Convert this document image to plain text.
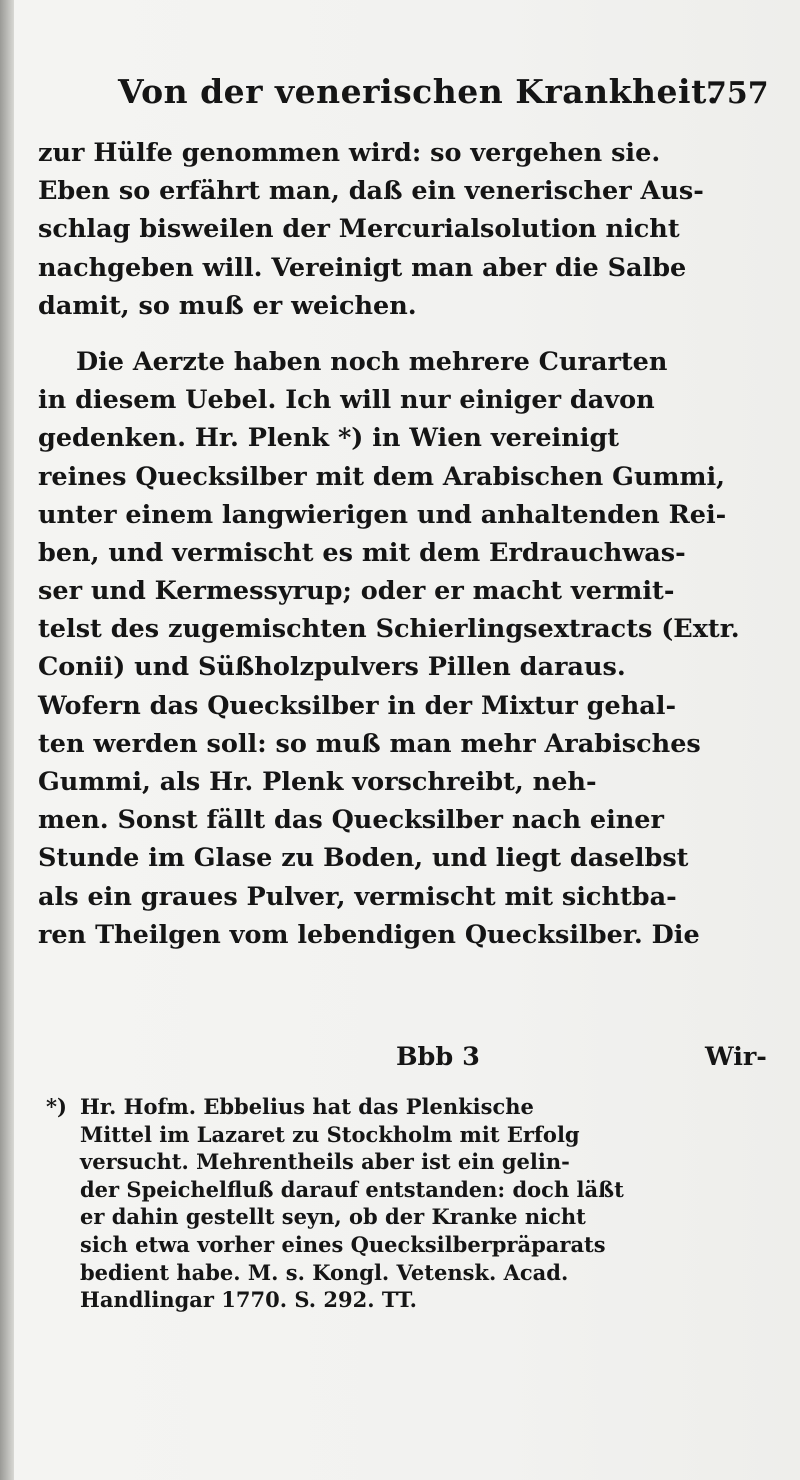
Von der venerischen Krankheit.
757
zur Hülfe genommen wird: so vergehen sie.
Eben so erfährt man, daß ein venerischer Aus-
schlag bisweilen der Mercurialsolution nicht
nachgeben will. Vereinigt man aber die Salbe
damit, so muß er weichen.
Die Aerzte haben noch mehrere Curarten
in diesem Uebel. Ich will nur einiger davon
gedenken. Hr. Plenk *) in Wien vereinigt
reines Quecksilber mit dem Arabischen Gummi,
unter einem langwierigen und anhaltenden Rei-
ben, und vermischt es mit dem Erdrauchwas-
ser und Kermessyrup; oder er macht vermit-
telst des zugemischten Schierlingsextracts (Extr.
Conii) und Süßholzpulvers Pillen daraus.
Wofern das Quecksilber in der Mixtur gehal-
ten werden soll: so muß man mehr Arabisches
Gummi, als Hr. Plenk vorschreibt, neh-
men. Sonst fällt das Quecksilber nach einer
Stunde im Glase zu Boden, und liegt daselbst
als ein graues Pulver, vermischt mit sichtba-
ren Theilgen vom lebendigen Quecksilber. Die
Bbb 3	Wir-
*) Hr. Hofm. Ebbelius hat das Plenkische
Mittel im Lazaret zu Stockholm mit Erfolg
versucht. Mehrentheils aber ist ein gelin-
der Speichelfluß darauf entstanden: doch läßt
er dahin gestellt seyn, ob der Kranke nicht
sich etwa vorher eines Quecksilberpräparats
bedient habe. M. s. Kongl. Vetensk. Acad.
Handlingar 1770. S. 292. TT.
